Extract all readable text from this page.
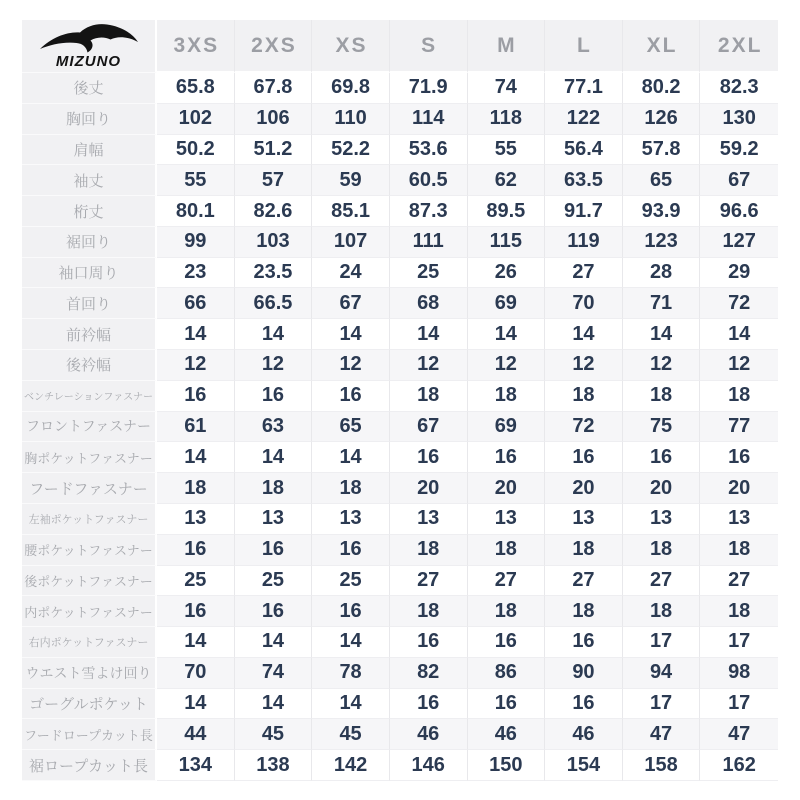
MIZUNO
3XS	2XS	XS	S	M	L	XL	2XL
後丈	65.8	67.8	69.8	71.9	74	77.1	80.2	82.3
胸回り	102	106	110	114	118	122	126	130
肩幅	50.2	51.2	52.2	53.6	55	56.4	57.8	59.2
袖丈	55	57	59	60.5	62	63.5	65	67
桁丈	80.1	82.6	85.1	87.3	89.5	91.7	93.9	96.6
裾回り	99	103	107	111	115	119	123	127
袖口周り	23	23.5	24	25	26	27	28	29
首回り	66	66.5	67	68	69	70	71	72
前衿幅	14	14	14	14	14	14	14	14
後衿幅	12	12	12	12	12	12	12	12
ベンチレーションファスナー	16	16	16	18	18	18	18	18
フロントファスナー	61	63	65	67	69	72	75	77
胸ポケットファスナー	14	14	14	16	16	16	16	16
フードファスナー	18	18	18	20	20	20	20	20
左袖ポケットファスナー	13	13	13	13	13	13	13	13
腰ポケットファスナー	16	16	16	18	18	18	18	18
後ポケットファスナー	25	25	25	27	27	27	27	27
内ポケットファスナー	16	16	16	18	18	18	18	18
右内ポケットファスナー	14	14	14	16	16	16	17	17
ウエスト雪よけ回り	70	74	78	82	86	90	94	98
ゴーグルポケット	14	14	14	16	16	16	17	17
フードロープカット長	44	45	45	46	46	46	47	47
裾ロープカット長	134	138	142	146	150	154	158	162
